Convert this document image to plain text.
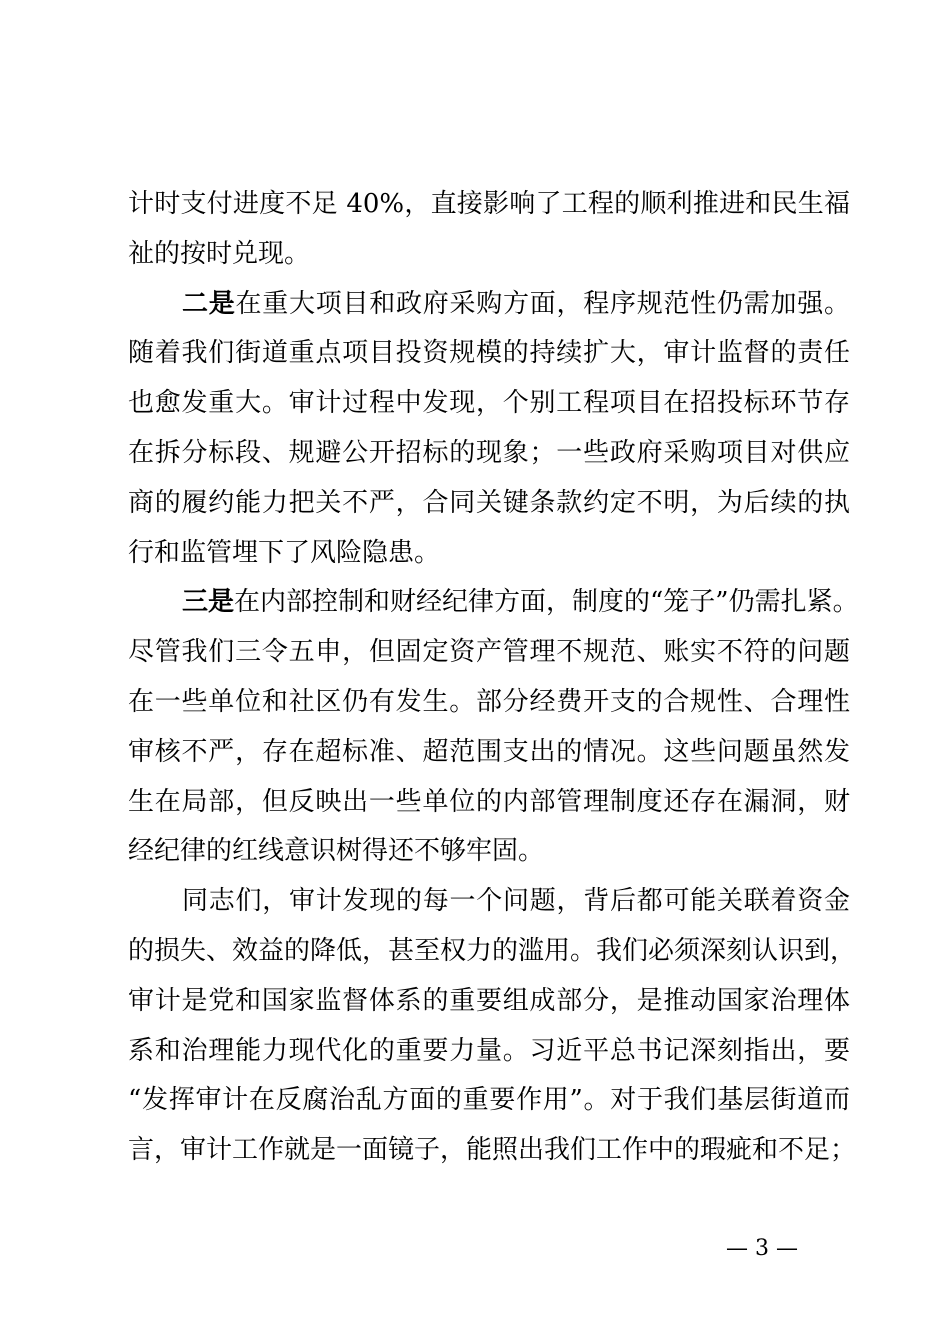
计时支付进度不足 40%，直接影响了工程的顺利推进和民生福
祉的按时兑现。
二是在重大项目和政府采购方面，程序规范性仍需加强。
随着我们街道重点项目投资规模的持续扩大，审计监督的责任
也愈发重大。审计过程中发现，个别工程项目在招投标环节存
在拆分标段、规避公开招标的现象；一些政府采购项目对供应
商的履约能力把关不严，合同关键条款约定不明，为后续的执
行和监管埋下了风险隐患。
三是在内部控制和财经纪律方面，制度的“笼子”仍需扎紧。
尽管我们三令五申，但固定资产管理不规范、账实不符的问题
在一些单位和社区仍有发生。部分经费开支的合规性、合理性
审核不严，存在超标准、超范围支出的情况。这些问题虽然发
生在局部，但反映出一些单位的内部管理制度还存在漏洞，财
经纪律的红线意识树得还不够牢固。
同志们，审计发现的每一个问题，背后都可能关联着资金
的损失、效益的降低，甚至权力的滥用。我们必须深刻认识到，
审计是党和国家监督体系的重要组成部分，是推动国家治理体
系和治理能力现代化的重要力量。习近平总书记深刻指出，要
“发挥审计在反腐治乱方面的重要作用”。对于我们基层街道而
言，审计工作就是一面镜子，能照出我们工作中的瑕疵和不足；
— 3 —
